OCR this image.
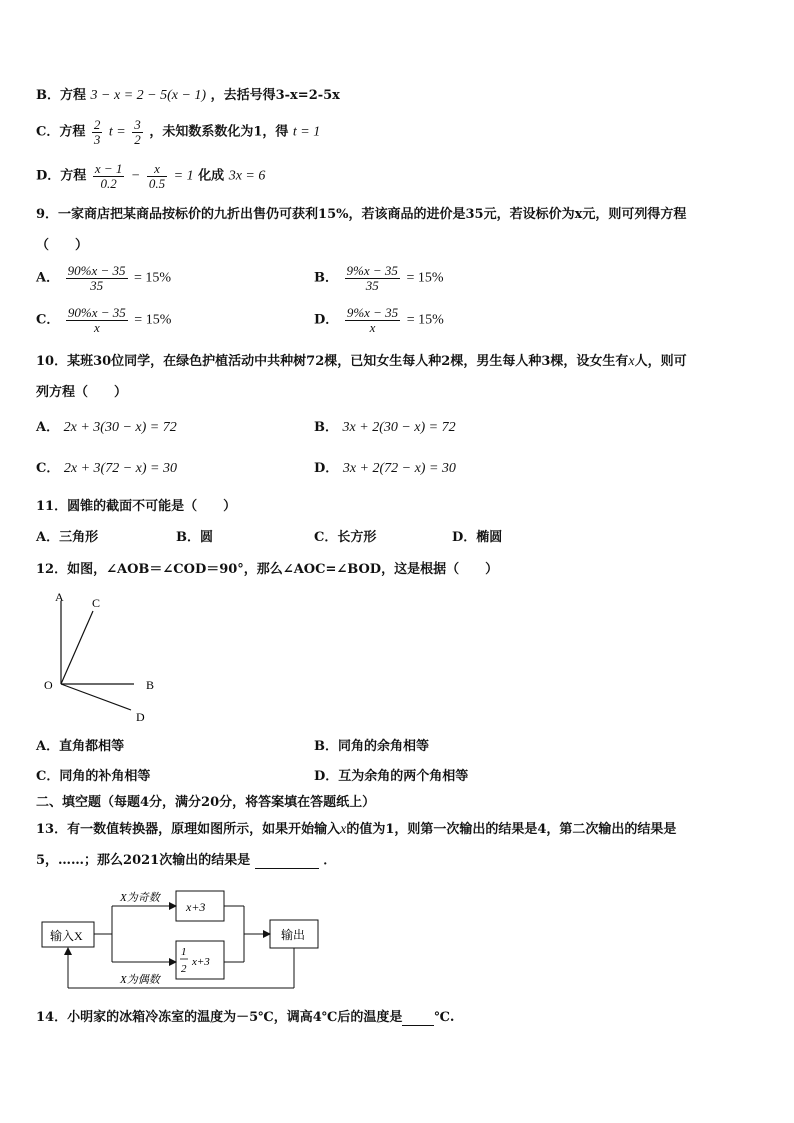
B．方程 3 − x = 2 − 5(x − 1) ，去括号得3-x=2-5x
C．方程 $\frac{2}{3}$ $t = \frac{3}{2}$ ，未知数系数化为1，得 t = 1
D．方程 $\frac{x - 1}{0.2} - \frac{x}{0.5} = 1$ 化成 3x = 6
9．一家商店把某商品按标价的九折出售仍可获利15%，若该商品的进价是35元，若设标价为x元，则可列得方程
（　　）
A． $\frac{90\%x - 35}{35} = 15\%$	B． $\frac{9\%x - 35}{35} = 15\%$
C． $\frac{90\%x - 35}{x} = 15\%$	D． $\frac{9\%x - 35}{x} = 15\%$
10．某班30位同学，在绿色护植活动中共种树72棵，已知女生每人种2棵，男生每人种3棵，设女生有x人，则可
列方程（　　）
A． 2x + 3(30 − x) = 72	B． 3x + 2(30 − x) = 72
C． 2x + 3(72 − x) = 30	D． 3x + 2(72 − x) = 30
11．圆锥的截面不可能是（　　）
A．三角形	B．圆	C．长方形	D．椭圆
12．如图，∠AOB＝∠COD＝90°，那么∠AOC=∠BOD，这是根据（　　）
A C
O	B
D
A．直角都相等	B．同角的余角相等
C．同角的补角相等	D．互为余角的两个角相等
二、填空题（每题4分，满分20分，将答案填在答题纸上）
13．有一数值转换器，原理如图所示，如果开始输入x的值为1，则第一次输出的结果是4，第二次输出的结果是
5，……；那么2021次输出的结果是	．
输入X
X为奇数
X为偶数
x+3
1
2
x+3
输出
14．小明家的冰箱冷冻室的温度为－5℃，调高4℃后的温度是 ℃.
